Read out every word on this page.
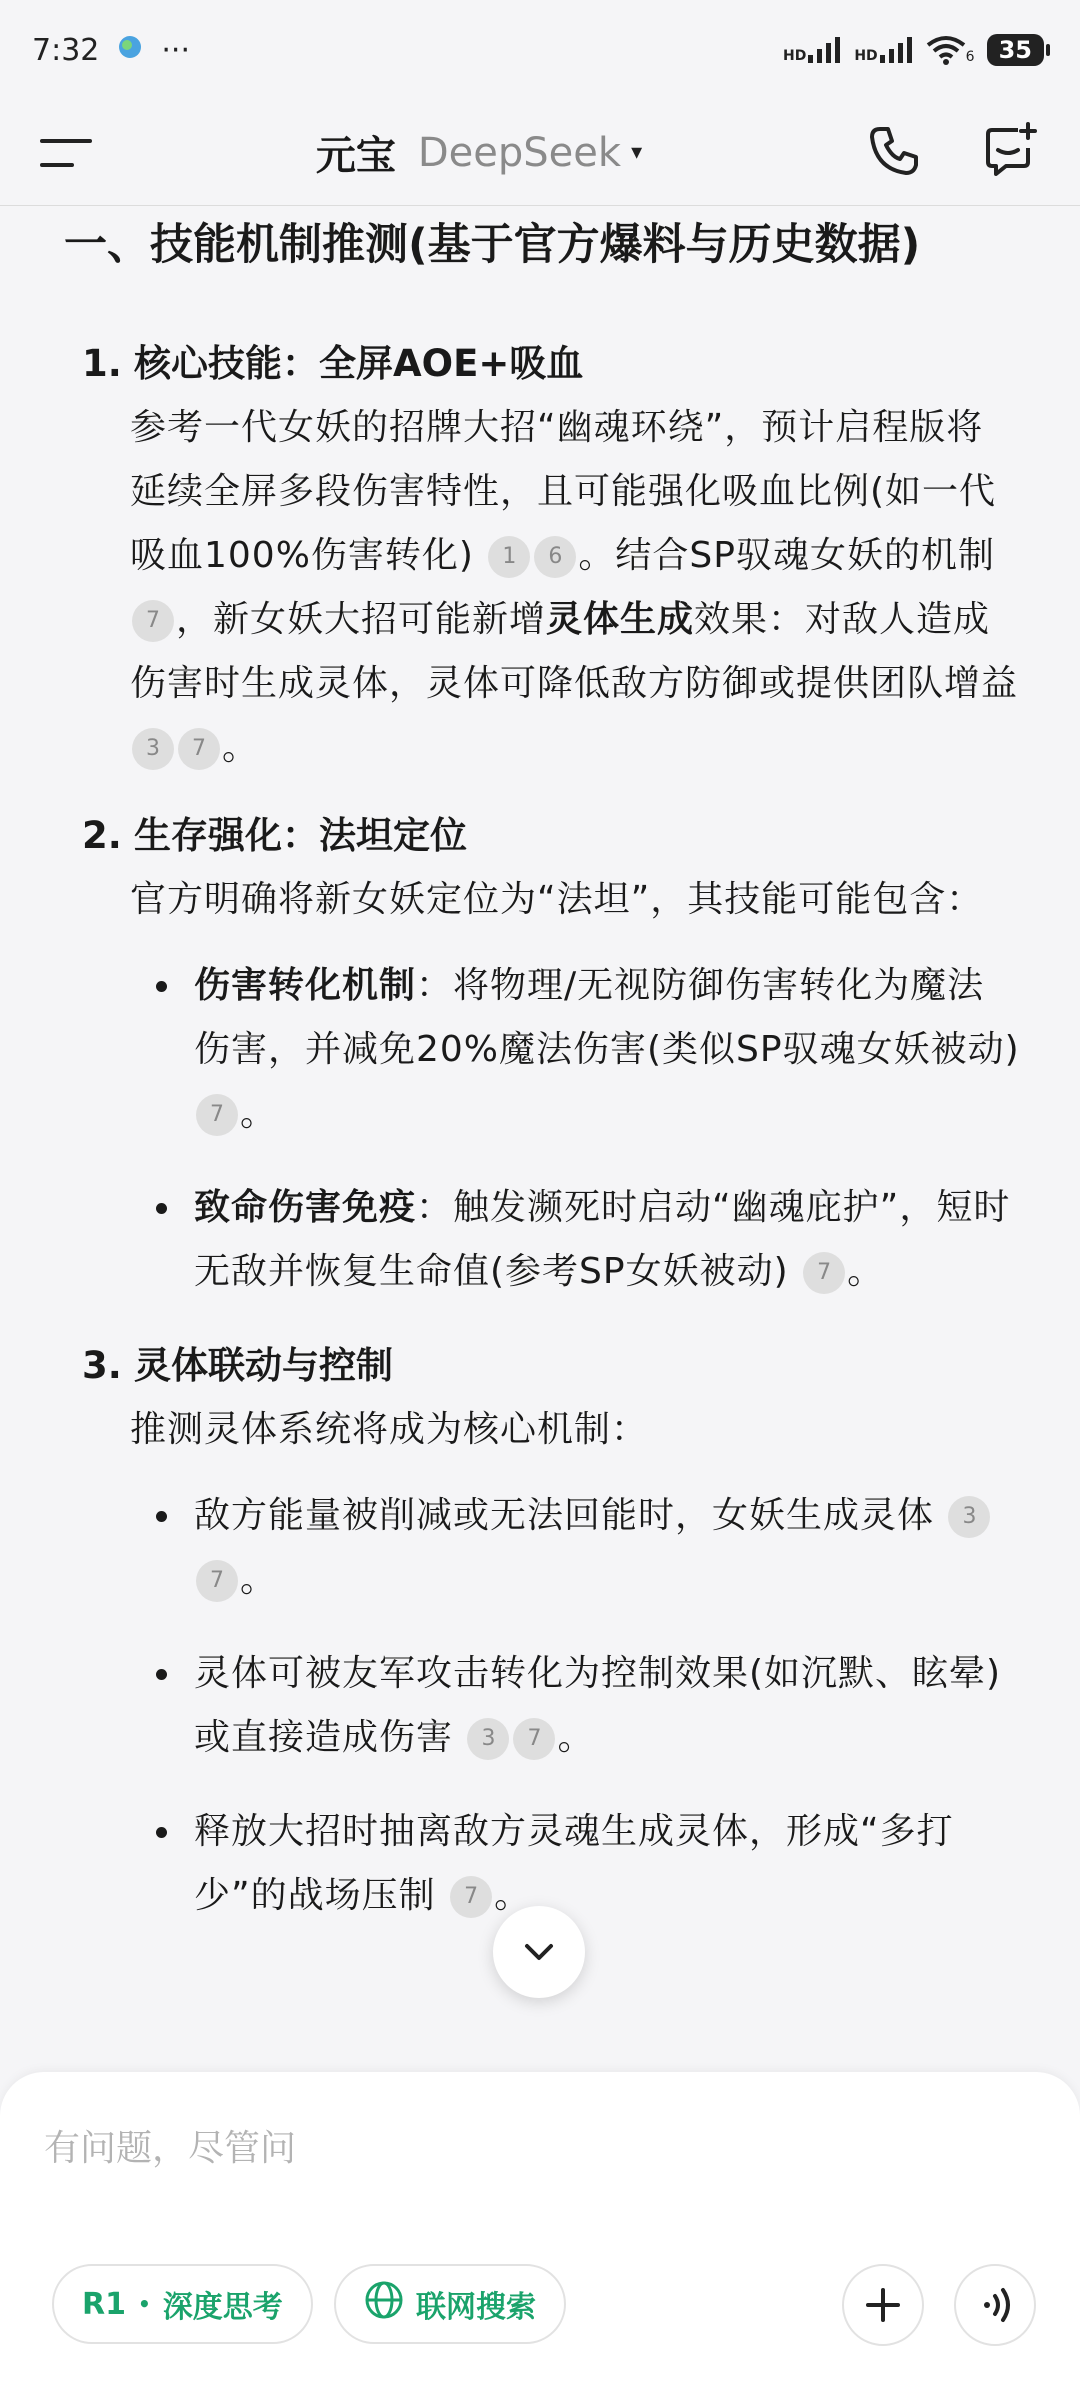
7:32 ···	HD	HD	6	35
元宝 DeepSeek ▾
一、技能机制推测(基于官方爆料与历史数据)
1. 核心技能：全屏AOE+吸血
参考一代女妖的招牌大招“幽魂环绕”，预计启程版将延续全屏多段伤害特性，且可能强化吸血比例(如一代吸血100%伤害转化) 1 6 。结合SP驭魂女妖的机制 7 ，新女妖大招可能新增灵体生成效果：对敌人造成伤害时生成灵体，灵体可降低敌方防御或提供团队增益 3 7 。
2. 生存强化：法坦定位
官方明确将新女妖定位为“法坦”，其技能可能包含：
伤害转化机制：将物理/无视防御伤害转化为魔法伤害，并减免20%魔法伤害(类似SP驭魂女妖被动) 7 。
致命伤害免疫：触发濒死时启动“幽魂庇护”，短时无敌并恢复生命值(参考SP女妖被动) 7 。
3. 灵体联动与控制
推测灵体系统将成为核心机制：
敌方能量被削减或无法回能时，女妖生成灵体 37 。
灵体可被友军攻击转化为控制效果(如沉默、眩晕)或直接造成伤害 3 7 。
释放大招时抽离敌方灵魂生成灵体，形成“多打少”的战场压制 7 。
有问题，尽管问
R1 • 深度思考	联网搜索
